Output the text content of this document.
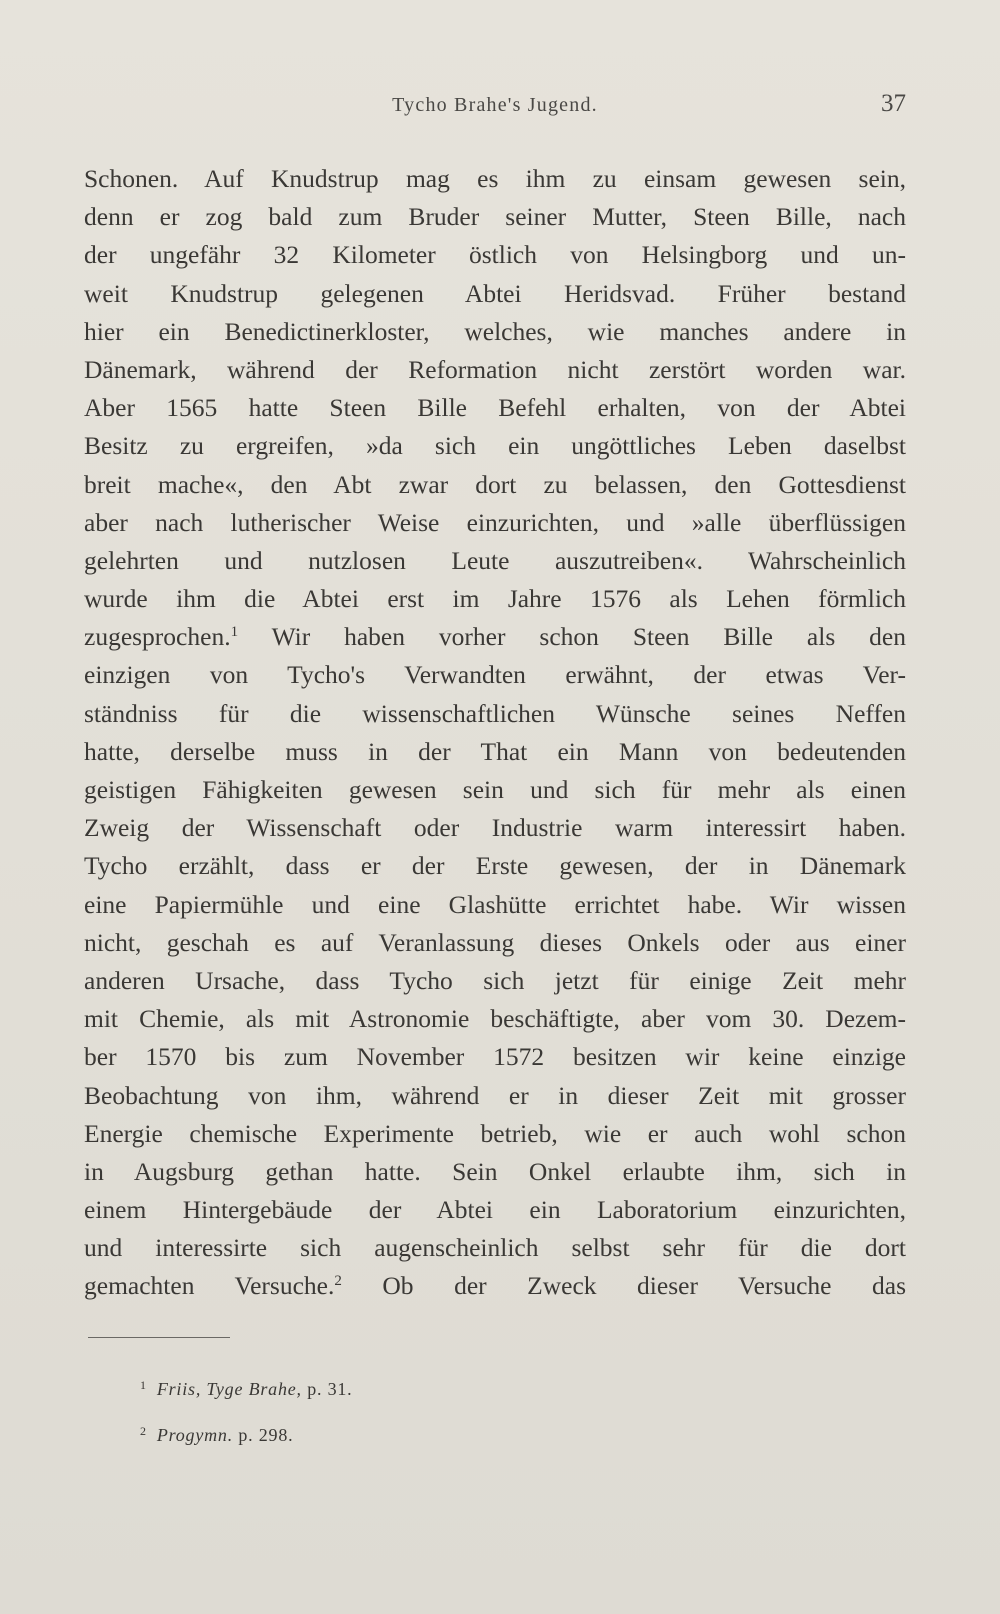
Tycho Brahe's Jugend.	37
Schonen. Auf Knudstrup mag es ihm zu einsam gewesen sein,
denn er zog bald zum Bruder seiner Mutter, Steen Bille, nach
der ungefähr 32 Kilometer östlich von Helsingborg und un-
weit Knudstrup gelegenen Abtei Heridsvad. Früher bestand
hier ein Benedictinerkloster, welches, wie manches andere in
Dänemark, während der Reformation nicht zerstört worden war.
Aber 1565 hatte Steen Bille Befehl erhalten, von der Abtei
Besitz zu ergreifen, »da sich ein ungöttliches Leben daselbst
breit mache«, den Abt zwar dort zu belassen, den Gottesdienst
aber nach lutherischer Weise einzurichten, und »alle überflüssigen
gelehrten und nutzlosen Leute auszutreiben«. Wahrscheinlich
wurde ihm die Abtei erst im Jahre 1576 als Lehen förmlich
zugesprochen.$^1$ Wir haben vorher schon Steen Bille als den
einzigen von Tycho's Verwandten erwähnt, der etwas Ver-
ständniss für die wissenschaftlichen Wünsche seines Neffen
hatte, derselbe muss in der That ein Mann von bedeutenden
geistigen Fähigkeiten gewesen sein und sich für mehr als einen
Zweig der Wissenschaft oder Industrie warm interessirt haben.
Tycho erzählt, dass er der Erste gewesen, der in Dänemark
eine Papiermühle und eine Glashütte errichtet habe. Wir wissen
nicht, geschah es auf Veranlassung dieses Onkels oder aus einer
anderen Ursache, dass Tycho sich jetzt für einige Zeit mehr
mit Chemie, als mit Astronomie beschäftigte, aber vom 30. Dezem-
ber 1570 bis zum November 1572 besitzen wir keine einzige
Beobachtung von ihm, während er in dieser Zeit mit grosser
Energie chemische Experimente betrieb, wie er auch wohl schon
in Augsburg gethan hatte. Sein Onkel erlaubte ihm, sich in
einem Hintergebäude der Abtei ein Laboratorium einzurichten,
und interessirte sich augenscheinlich selbst sehr für die dort
gemachten Versuche.$^2$ Ob der Zweck dieser Versuche das
$^1$ Friis, Tyge Brahe, p. 31.
$^2$ Progymn. p. 298.
